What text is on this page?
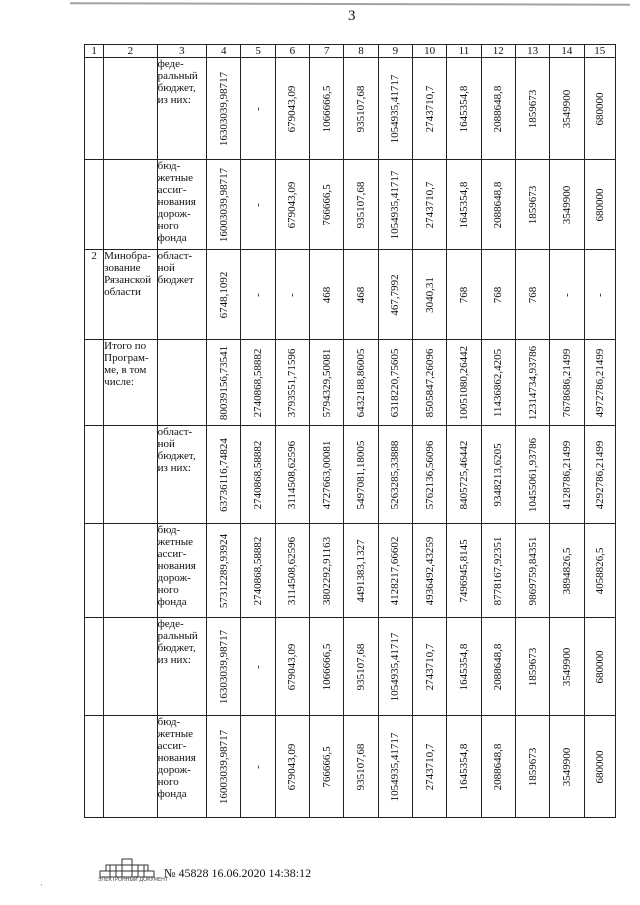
3
1	2	3	4	5	6	7	8	9	10	11	12	13	14	15
		феде-ральный бюджет, из них:	16303039,98717	-	679043,09	1066666,5	935107,68	1054935,41717	2743710,7	1645354,8	2088648,8	1859673	3549900	680000

		бюд-жетные ассиг-нования дорож-ного фонда	16003039,98717	-	679043,09	766666,5	935107,68	1054935,41717	2743710,7	1645354,8	2088648,8	1859673	3549900	680000

2	Минобра-зование Рязанской области	област-ной бюджет	6748,1092	-	-	468	468	467,7992	3040,31	768	768	768	-	-

	Итого по Програм-ме, в том числе:		80039156,73541	2740868,58882	3793551,71596	5794329,50081	6432188,86005	6318220,75605	8505847,26096	10051080,26442	11436862,4205	12314734,93786	7678686,21499	4972786,21499

		област-ной бюджет, из них:	63736116,74824	2740868,58882	3114508,62596	4727663,00081	5497081,18005	5263285,33888	5762136,56096	8405725,46442	9348213,6205	10455061,93786	4128786,21499	4292786,21499

		бюд-жетные ассиг-нования дорож-ного фонда	57312289,93924	2740868,58882	3114508,62596	3802292,91163	4491383,1327	4128217,66602	4936492,43259	7496945,8145	8778167,92351	9869759,84351	3894826,5	4058826,5

		феде-ральный бюджет, из них:	16303039,98717	-	679043,09	1066666,5	935107,68	1054935,41717	2743710,7	1645354,8	2088648,8	1859673	3549900	680000

		бюд-жетные ассиг-нования дорож-ного фонда	16003039,98717	-	679043,09	766666,5	935107,68	1054935,41717	2743710,7	1645354,8	2088648,8	1859673	3549900	680000
ЭЛЕКТРОННЫЙ ДОКУМЕНТ
№ 45828 16.06.2020 14:38:12
·
